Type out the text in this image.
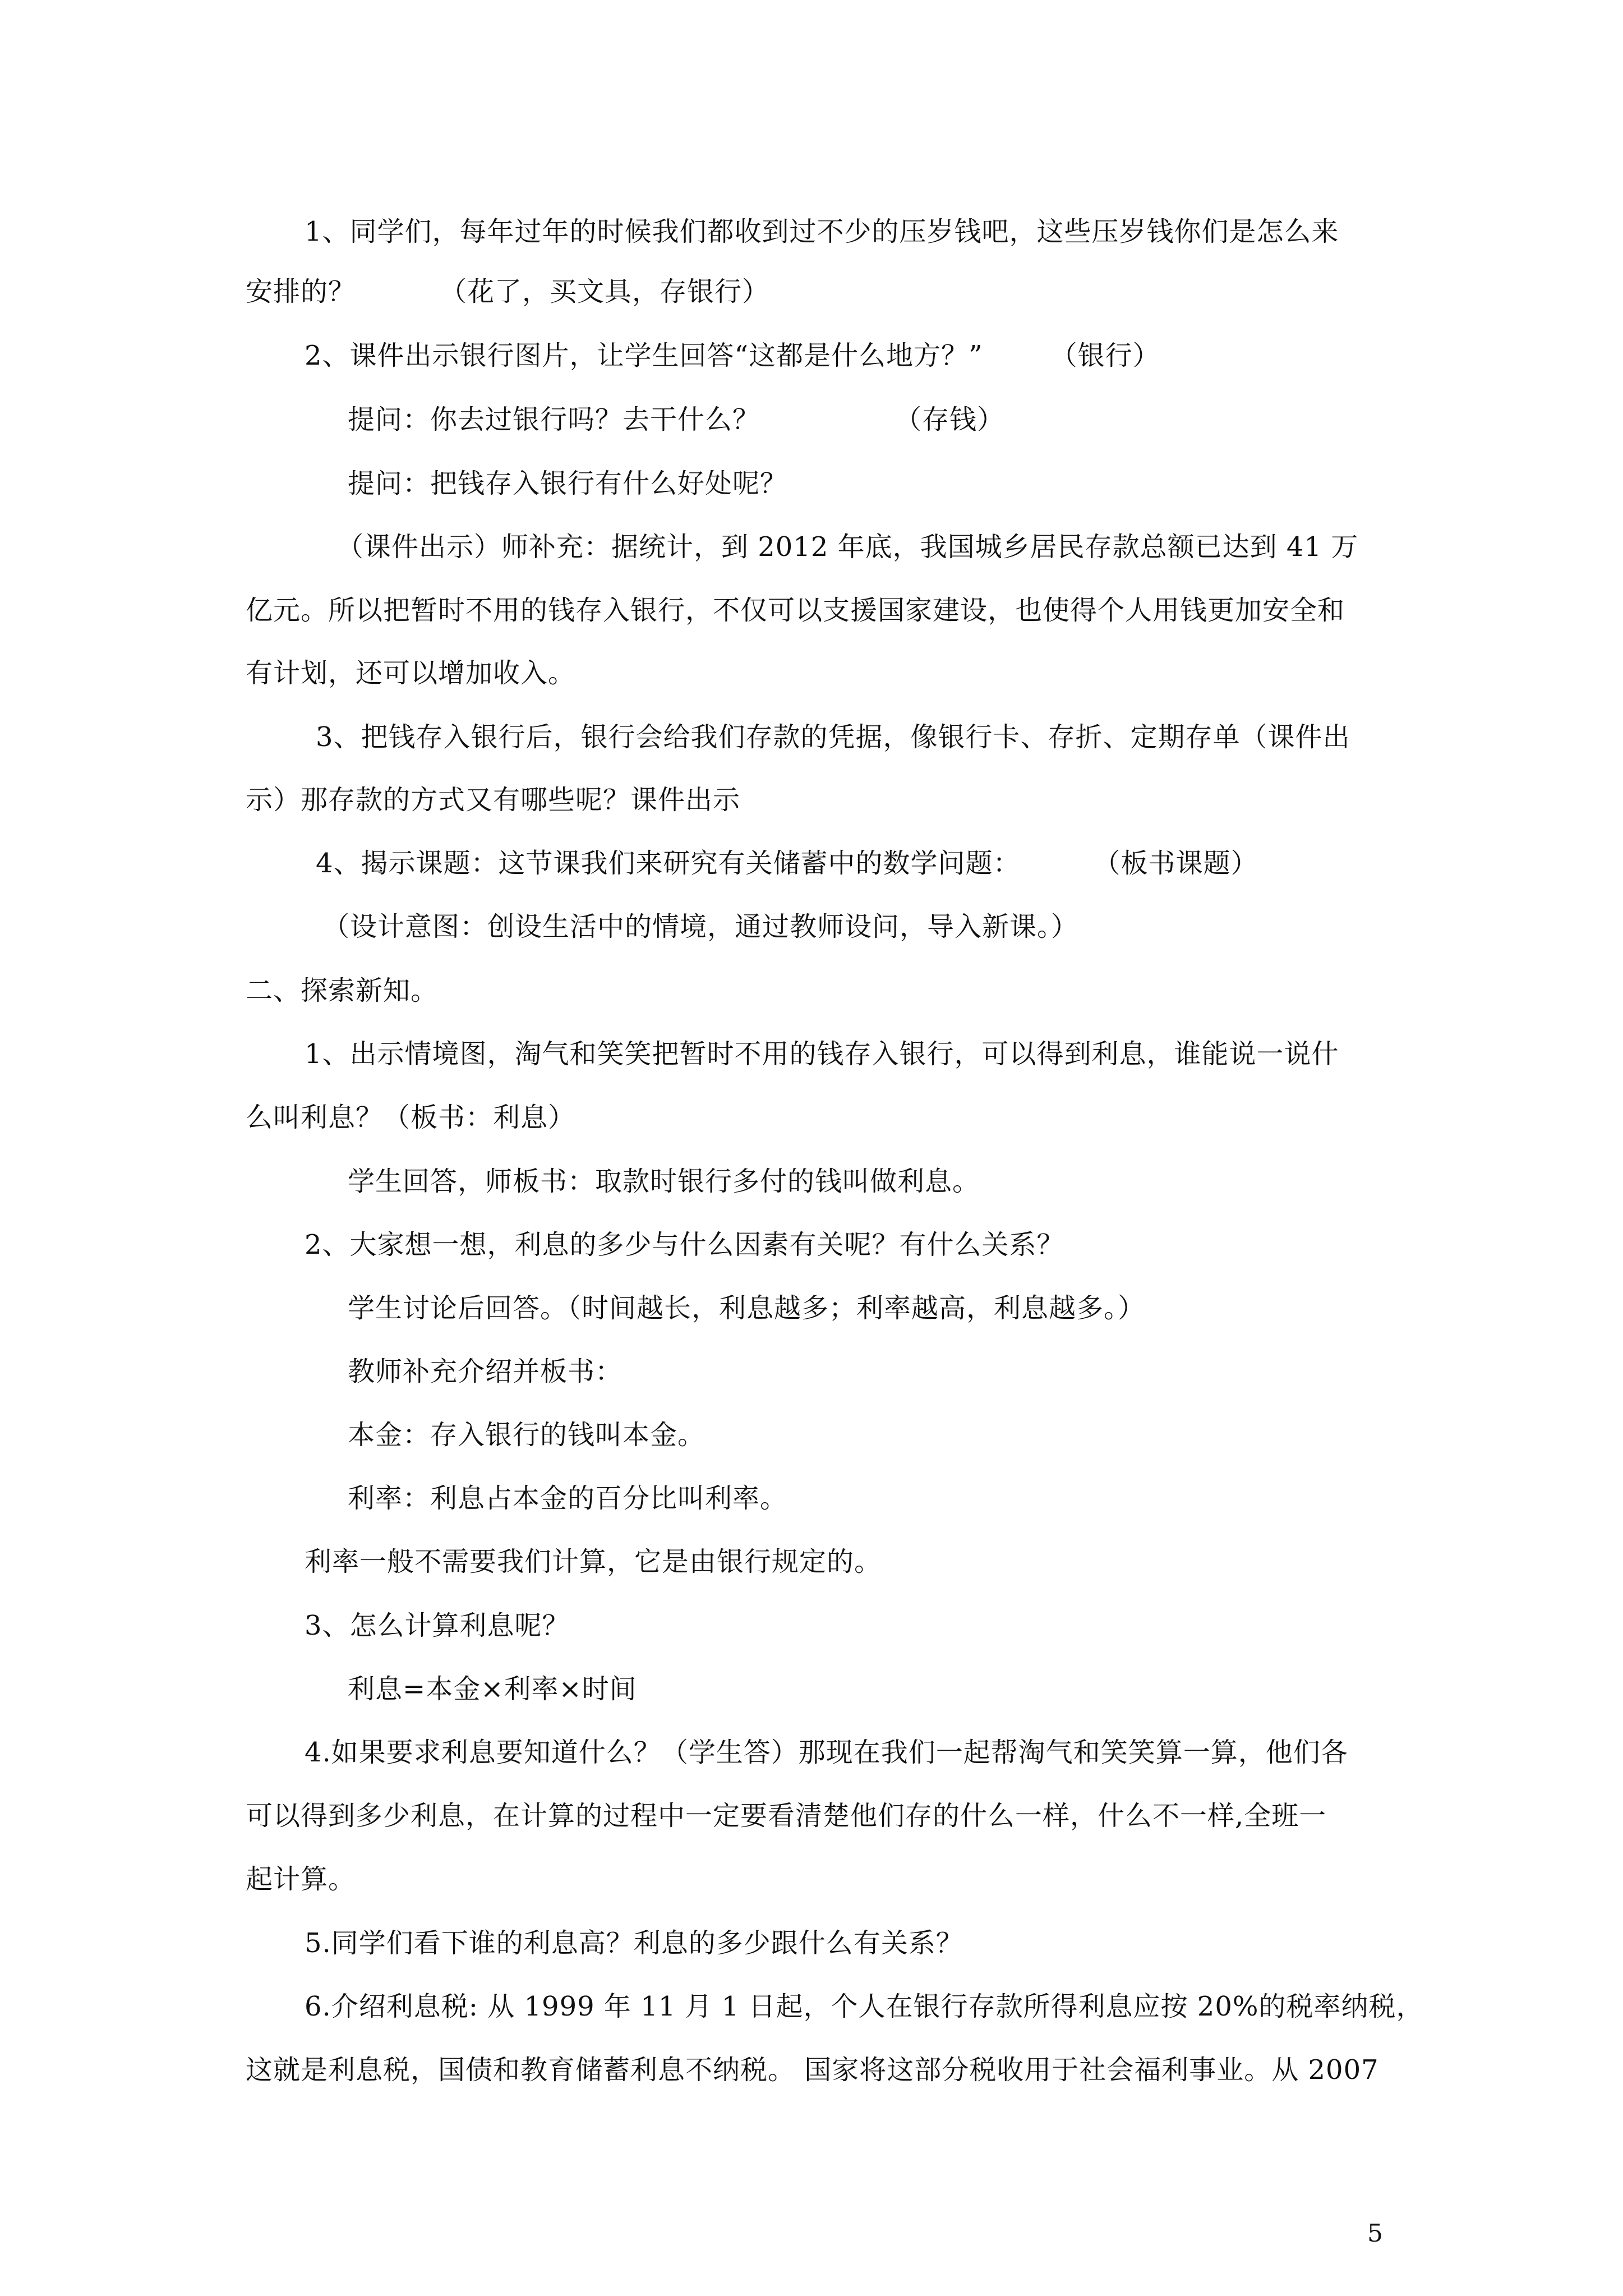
1、同学们，每年过年的时候我们都收到过不少的压岁钱吧，这些压岁钱你们是怎么来
安排的？	（花了，买文具，存银行）
2、课件出示银行图片，让学生回答“这都是什么地方？”	（银行）
提问：你去过银行吗？去干什么？	（存钱）
提问：把钱存入银行有什么好处呢？
（课件出示）师补充：据统计，到 2012 年底，我国城乡居民存款总额已达到 41 万
亿元。所以把暂时不用的钱存入银行，不仅可以支援国家建设，也使得个人用钱更加安全和
有计划，还可以增加收入。
3、把钱存入银行后，银行会给我们存款的凭据，像银行卡、存折、定期存单（课件出
示）那存款的方式又有哪些呢？课件出示
4、揭示课题：这节课我们来研究有关储蓄中的数学问题：	（板书课题）
（设计意图：创设生活中的情境，通过教师设问，导入新课。）
二、探索新知。
1、出示情境图，淘气和笑笑把暂时不用的钱存入银行，可以得到利息，谁能说一说什
么叫利息？（板书：利息）
学生回答，师板书：取款时银行多付的钱叫做利息。
2、大家想一想，利息的多少与什么因素有关呢？有什么关系？
学生讨论后回答。（时间越长，利息越多；利率越高，利息越多。）
教师补充介绍并板书：
本金：存入银行的钱叫本金。
利率：利息占本金的百分比叫利率。
利率一般不需要我们计算，它是由银行规定的。
3、怎么计算利息呢？
利息=本金×利率×时间
4.如果要求利息要知道什么？（学生答）那现在我们一起帮淘气和笑笑算一算，他们各
可以得到多少利息，在计算的过程中一定要看清楚他们存的什么一样，什么不一样,全班一
起计算。
5.同学们看下谁的利息高？利息的多少跟什么有关系？
6.介绍利息税: 从 1999 年 11 月 1 日起，个人在银行存款所得利息应按 20%的税率纳税，
这就是利息税，国债和教育储蓄利息不纳税。 国家将这部分税收用于社会福利事业。从 2007
5
